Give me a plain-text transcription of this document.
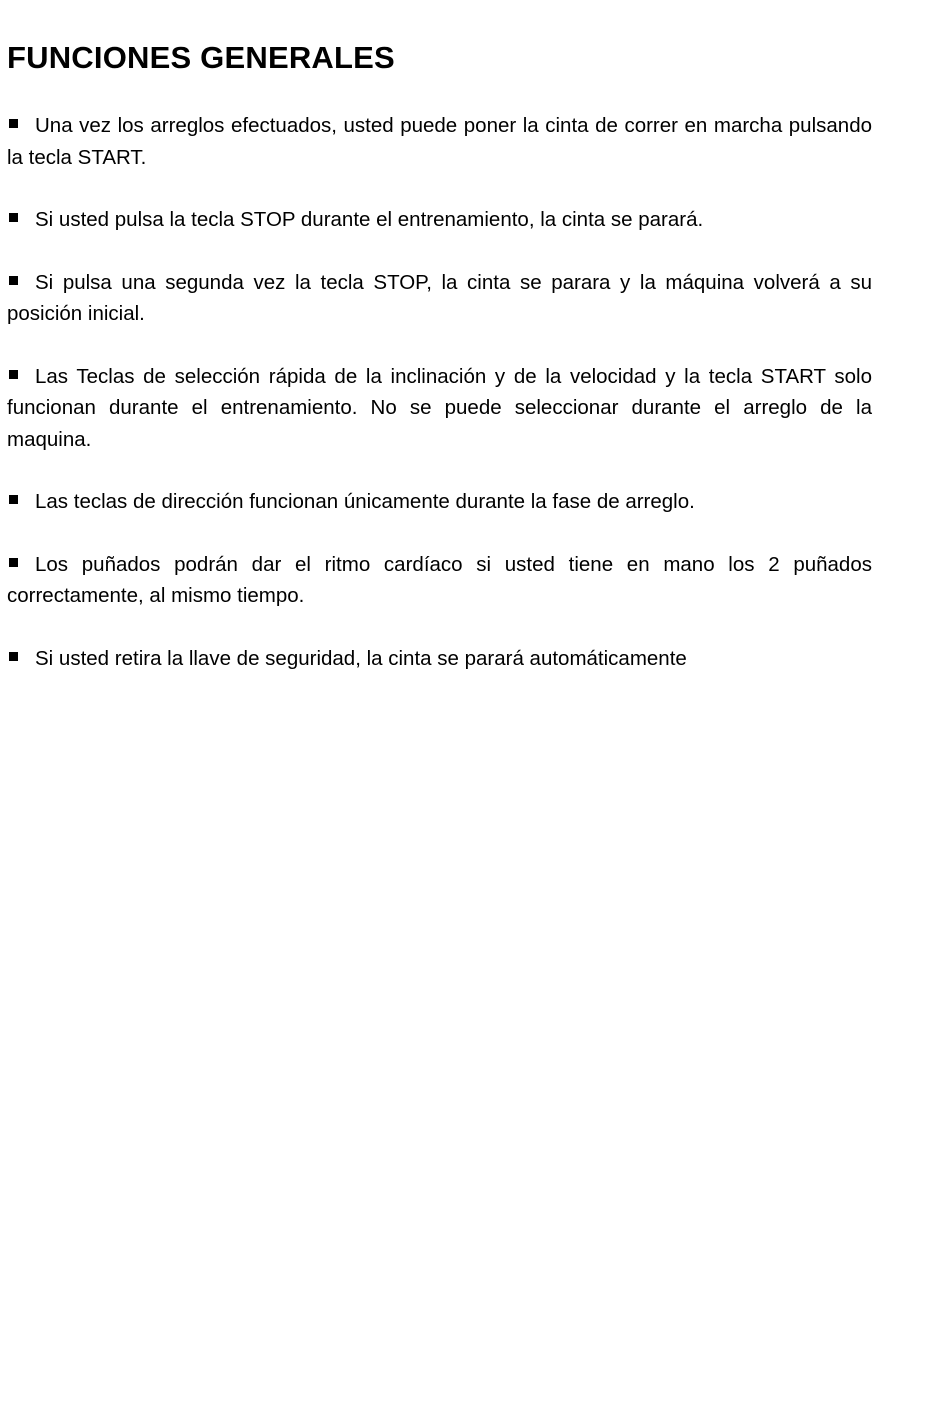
FUNCIONES GENERALES
Una vez los arreglos efectuados, usted puede poner la cinta de correr en marcha pulsando la tecla START.
Si usted pulsa la tecla STOP durante el entrenamiento, la cinta se parará.
Si pulsa una segunda vez la tecla STOP, la cinta se parara y la máquina volverá a su posición inicial.
Las Teclas de selección rápida de la inclinación y de la velocidad y la tecla START solo funcionan durante el entrenamiento. No se puede seleccionar durante el arreglo de la maquina.
Las teclas de dirección funcionan únicamente durante la fase de arreglo.
Los puñados podrán dar el ritmo cardíaco si usted tiene en mano los 2 puñados correctamente, al mismo tiempo.
Si usted retira la llave de seguridad, la cinta se parará automáticamente
